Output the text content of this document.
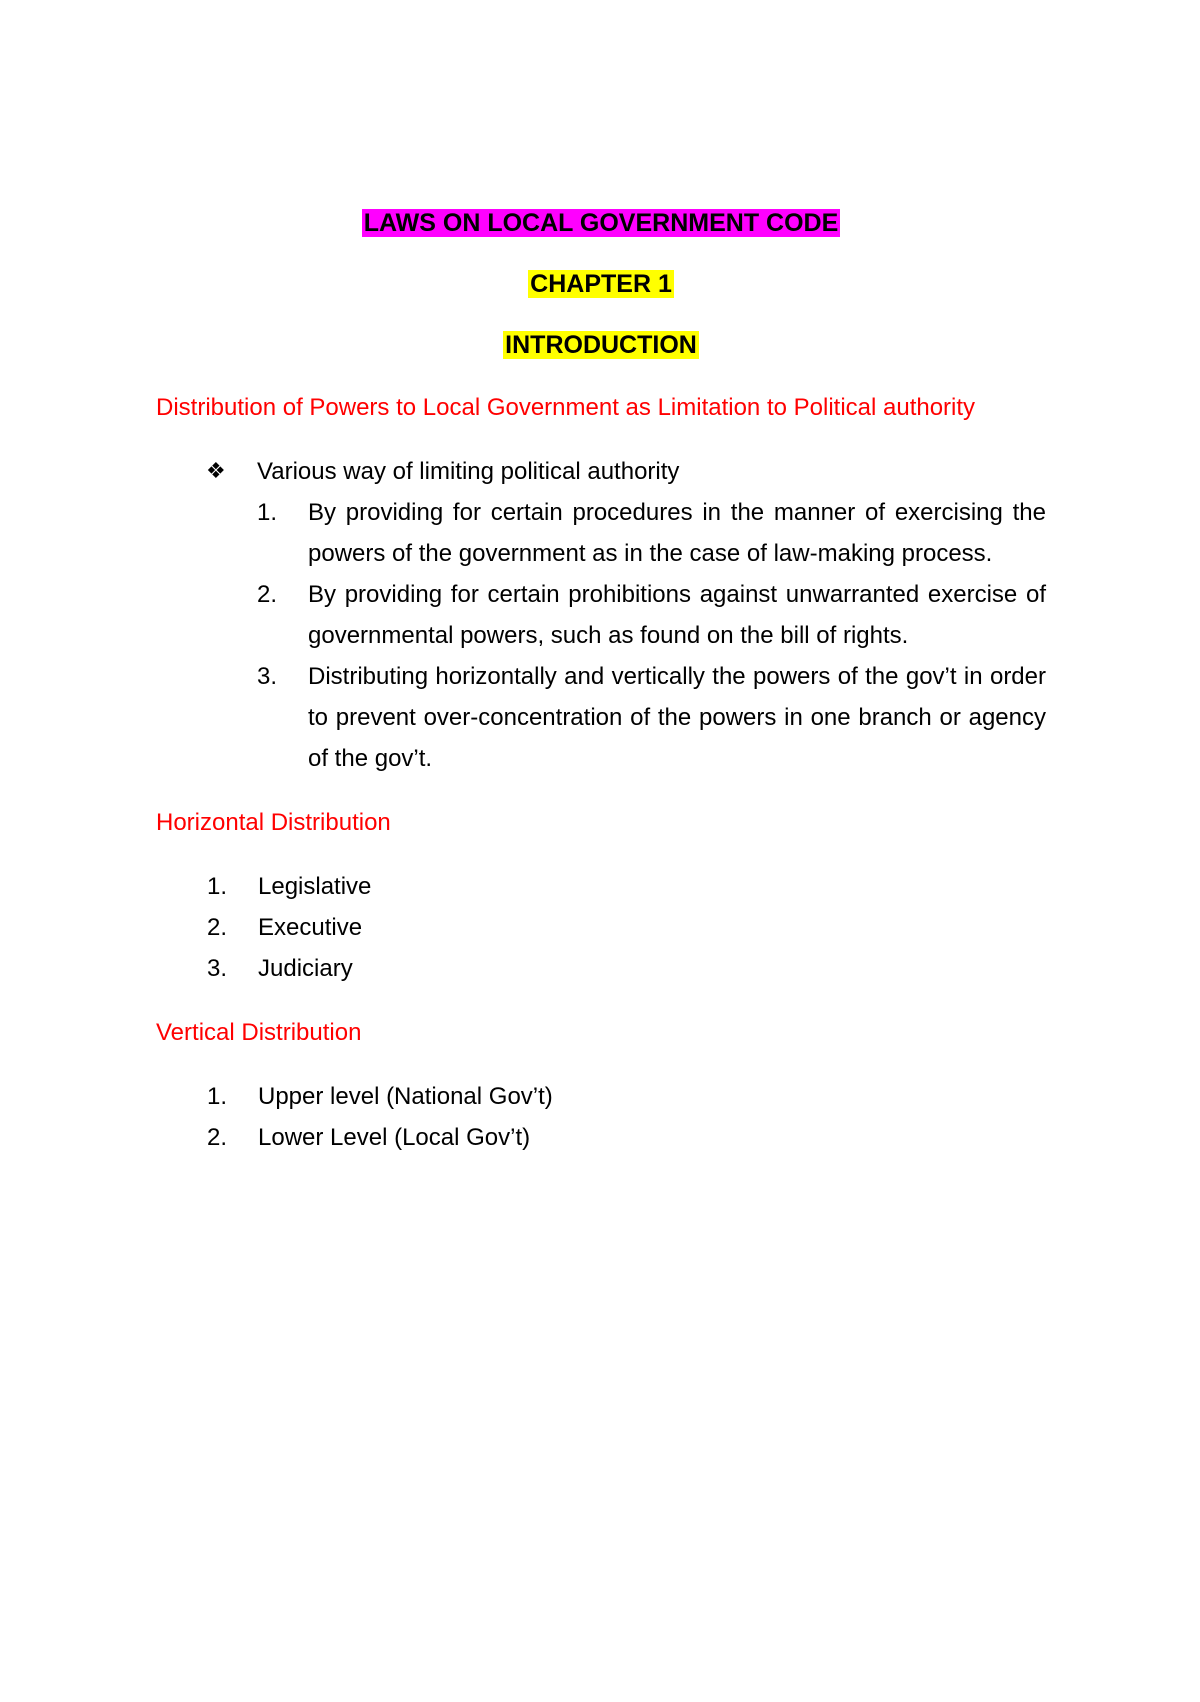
LAWS ON LOCAL GOVERNMENT CODE
CHAPTER 1
INTRODUCTION

Distribution of Powers to Local Government as Limitation to Political authority

❖	Various way of limiting political authority
1.	By providing for certain procedures in the manner of exercising the powers of the government as in the case of law-making process.
2.	By providing for certain prohibitions against unwarranted exercise of governmental powers, such as found on the bill of rights.
3.	Distributing horizontally and vertically the powers of the gov’t in order to prevent over-concentration of the powers in one branch or agency of the gov’t.

Horizontal Distribution

1.	Legislative
2.	Executive
3.	Judiciary

Vertical Distribution

1.	Upper level (National Gov’t)
2.	Lower Level (Local Gov’t)
